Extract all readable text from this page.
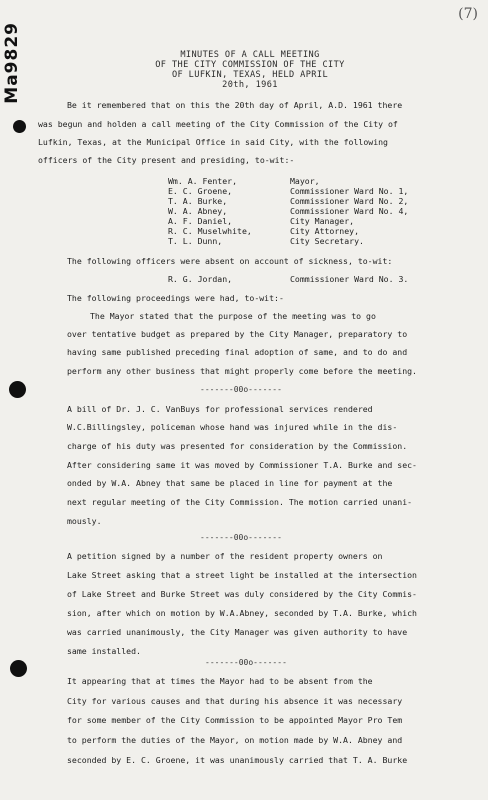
Ma9829
(7)
MINUTES OF A CALL MEETING
OF THE CITY COMMISSION OF THE CITY
OF LUFKIN, TEXAS, HELD APRIL
20th, 1961
Be it remembered that on this the 20th day of April, A.D. 1961 there
was begun and holden a call meeting of the City Commission of the City of
Lufkin, Texas, at the Municipal Office in said City, with the following
officers of the City present and presiding, to-wit:-
Wm. A. Fenter,	Mayor,
E. C. Groene,	Commissioner Ward No. 1,
T. A. Burke,	Commissioner Ward No. 2,
W. A. Abney,	Commissioner Ward No. 4,
A. F. Daniel,	City Manager,
R. C. Muselwhite,	City Attorney,
T. L. Dunn,	City Secretary.
The following officers were absent on account of sickness, to-wit:
R. G. Jordan,	Commissioner Ward No. 3.
The following proceedings were had, to-wit:-
The Mayor stated that the purpose of the meeting was to go
over tentative budget as prepared by the City Manager, preparatory to
having same published preceding final adoption of same, and to do and
perform any other business that might properly come before the meeting.
-------00o-------
A bill of Dr. J. C. VanBuys for professional services rendered
W.C.Billingsley, policeman whose hand was injured while in the dis-
charge of his duty was presented for consideration by the Commission.
After considering same it was moved by Commissioner T.A. Burke and sec-
onded by W.A. Abney that same be placed in line for payment at the
next regular meeting of the City Commission. The motion carried unani-
mously.
-------00o-------
A petition signed by a number of the resident property owners on
Lake Street asking that a street light be installed at the intersection
of Lake Street and Burke Street was duly considered by the City Commis-
sion, after which on motion by W.A.Abney, seconded by T.A. Burke, which
was carried unanimously, the City Manager was given authority to have
same installed.
-------00o-------
It appearing that at times the Mayor had to be absent from the
City for various causes and that during his absence it was necessary
for some member of the City Commission to be appointed Mayor Pro Tem
to perform the duties of the Mayor, on motion made by W.A. Abney and
seconded by E. C. Groene, it was unanimously carried that T. A. Burke
